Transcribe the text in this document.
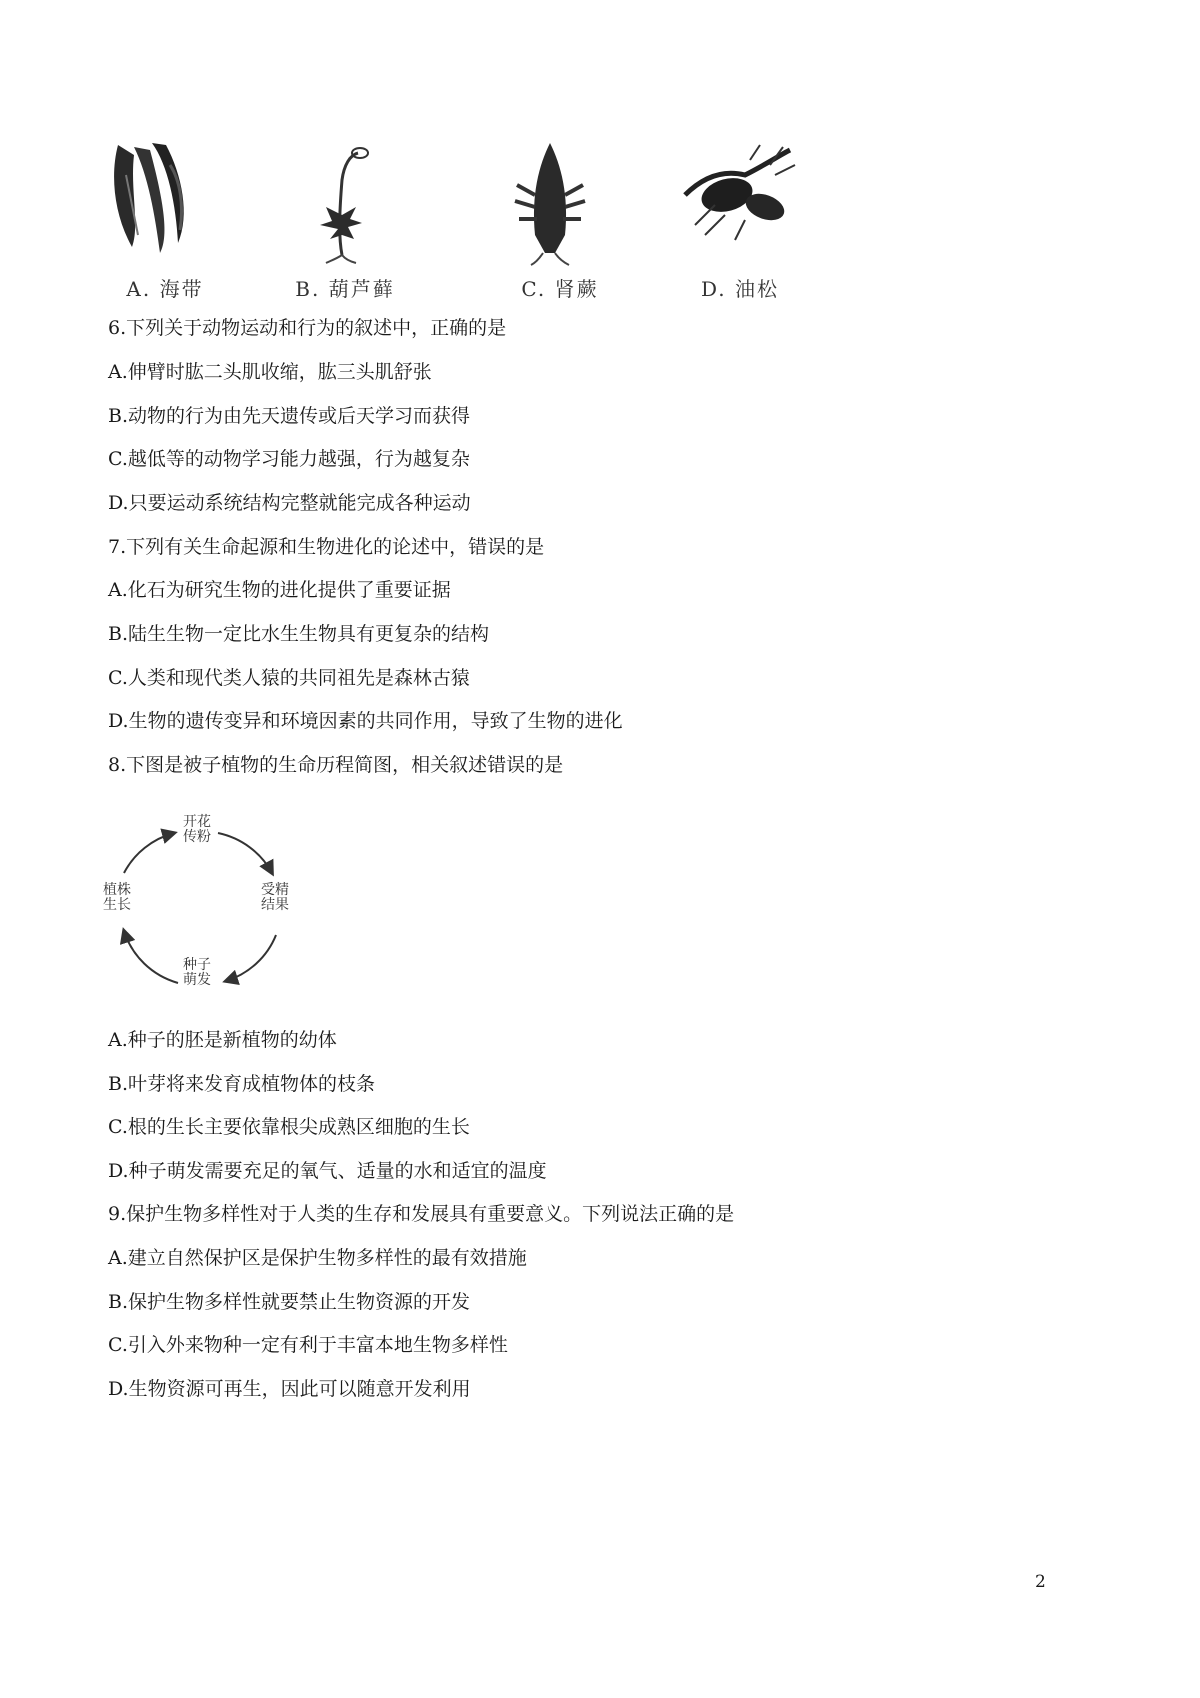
A. 海带	B. 葫芦藓	C. 肾蕨	D. 油松
6.下列关于动物运动和行为的叙述中，正确的是
A.伸臂时肱二头肌收缩，肱三头肌舒张
B.动物的行为由先天遗传或后天学习而获得
C.越低等的动物学习能力越强，行为越复杂
D.只要运动系统结构完整就能完成各种运动
7.下列有关生命起源和生物进化的论述中，错误的是
A.化石为研究生物的进化提供了重要证据
B.陆生生物一定比水生生物具有更复杂的结构
C.人类和现代类人猿的共同祖先是森林古猿
D.生物的遗传变异和环境因素的共同作用，导致了生物的进化
8.下图是被子植物的生命历程简图，相关叙述错误的是
开花传粉
受精结果
种子萌发
植株生长
A.种子的胚是新植物的幼体
B.叶芽将来发育成植物体的枝条
C.根的生长主要依靠根尖成熟区细胞的生长
D.种子萌发需要充足的氧气、适量的水和适宜的温度
9.保护生物多样性对于人类的生存和发展具有重要意义。下列说法正确的是
A.建立自然保护区是保护生物多样性的最有效措施
B.保护生物多样性就要禁止生物资源的开发
C.引入外来物种一定有利于丰富本地生物多样性
D.生物资源可再生，因此可以随意开发利用
2
